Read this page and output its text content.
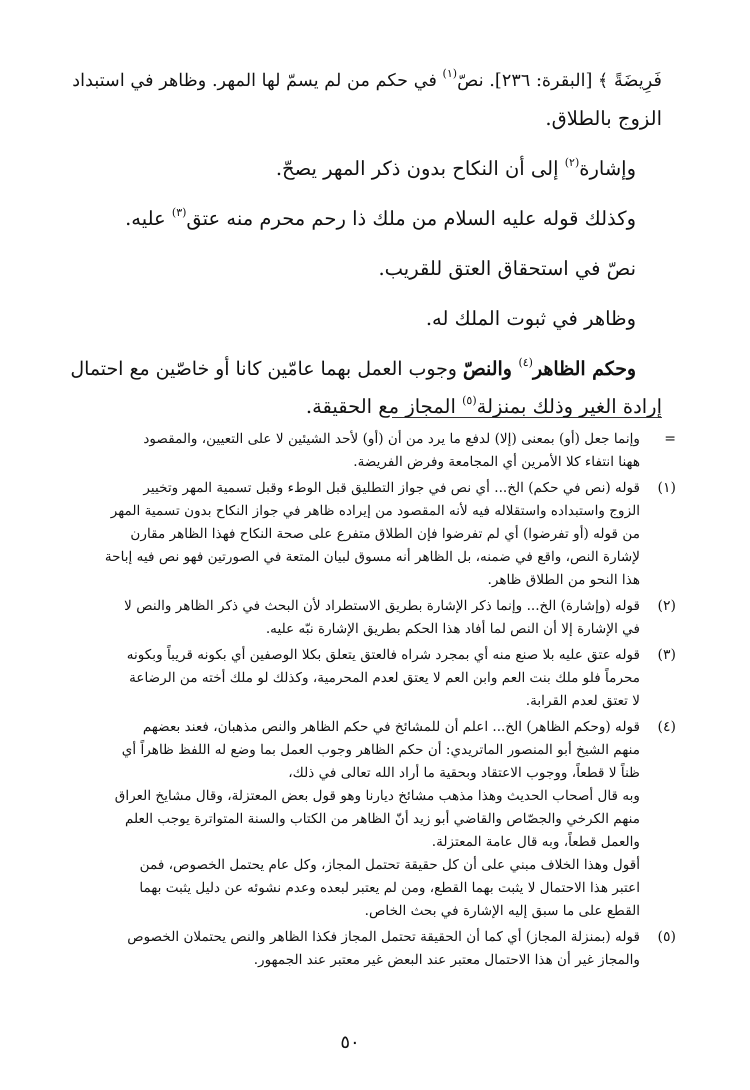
فَرِيضَةً ﴾ [البقرة: ٢٣٦]. نصّ$^{(١)}$ في حكم من لم يسمّ لها المهر. وظاهر في استبداد

الزوج بالطلاق.

وإشارة$^{(٢)}$ إلى أن النكاح بدون ذكر المهر يصحّ.

وكذلك قوله عليه السلام من ملك ذا رحم محرم منه عتق$^{(٣)}$ عليه.

نصّ في استحقاق العتق للقريب.

وظاهر في ثبوت الملك له.

وحكم الظاهر$^{(٤)}$ والنصّ وجوب العمل بهما عامّين كانا أو خاصّين مع احتمال

إرادة الغير وذلك بمنزلة$^{(٥)}$ المجاز مع الحقيقة.

=

وإنما جعل (أو) بمعنى (إلا) لدفع ما يرد من أن (أو) لأحد الشيئين لا على التعيين، والمقصود

ههنا انتفاء كلا الأمرين أي المجامعة وفرض الفريضة.

(١)

قوله (نص في حكم) الخ... أي نص في جواز التطليق قبل الوطء وقبل تسمية المهر وتخيير

الزوج واستبداده واستقلاله فيه لأنه المقصود من إيراده ظاهر في جواز النكاح بدون تسمية المهر

من قوله (أو تفرضوا) أي لم تفرضوا فإن الطلاق متفرع على صحة النكاح فهذا الظاهر مقارن

لإشارة النص، واقع في ضمنه، بل الظاهر أنه مسوق لبيان المتعة في الصورتين فهو نص فيه إباحة

هذا النحو من الطلاق ظاهر.

(٢)

قوله (وإشارة) الخ... وإنما ذكر الإشارة بطريق الاستطراد لأن البحث في ذكر الظاهر والنص لا

في الإشارة إلا أن النص لما أفاد هذا الحكم بطريق الإشارة نبّه عليه.

(٣)

قوله عتق عليه بلا صنع منه أي بمجرد شراه فالعتق يتعلق بكلا الوصفين أي بكونه قريباً وبكونه

محرماً فلو ملك بنت العم وابن العم لا يعتق لعدم المحرمية، وكذلك لو ملك أخته من الرضاعة

لا تعتق لعدم القرابة.

(٤)

قوله (وحكم الظاهر) الخ... اعلم أن للمشائخ في حكم الظاهر والنص مذهبان، فعند بعضهم

منهم الشيخ أبو المنصور الماتريدي: أن حكم الظاهر وجوب العمل بما وضع له اللفظ ظاهراً أي

ظناً لا قطعاً، ووجوب الاعتقاد وبحقية ما أراد الله تعالى في ذلك،

وبه قال أصحاب الحديث وهذا مذهب مشائخ ديارنا وهو قول بعض المعتزلة، وقال مشايخ العراق

منهم الكرخي والجصّاص والقاضي أبو زيد أنّ الظاهر من الكتاب والسنة المتواترة يوجب العلم

والعمل قطعاً، وبه قال عامة المعتزلة.

أقول وهذا الخلاف مبني على أن كل حقيقة تحتمل المجاز، وكل عام يحتمل الخصوص، فمن

اعتبر هذا الاحتمال لا يثبت بهما القطع، ومن لم يعتبر لبعده وعدم نشوئه عن دليل يثبت بهما

القطع على ما سبق إليه الإشارة في بحث الخاص.

(٥)

قوله (بمنزلة المجاز) أي كما أن الحقيقة تحتمل المجاز فكذا الظاهر والنص يحتملان الخصوص

والمجاز غير أن هذا الاحتمال معتبر عند البعض غير معتبر عند الجمهور.

٥٠
